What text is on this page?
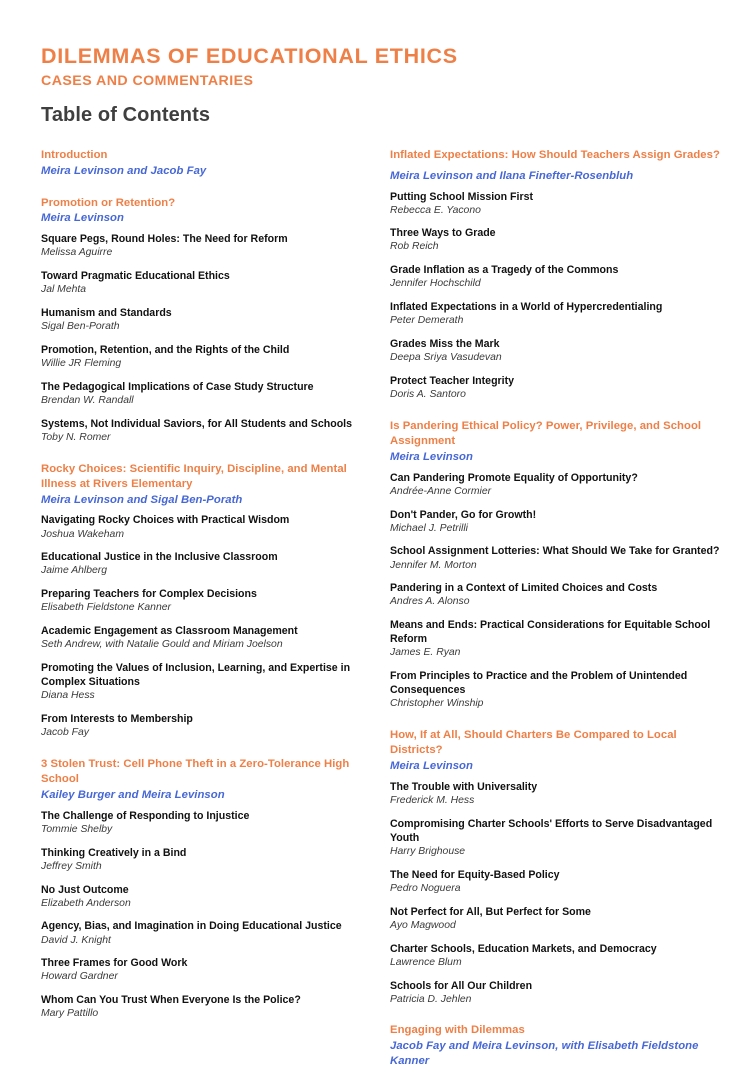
DILEMMAS OF EDUCATIONAL ETHICS
CASES AND COMMENTARIES
Table of Contents
Introduction
Meira Levinson and Jacob Fay
Promotion or Retention?
Meira Levinson
Square Pegs, Round Holes: The Need for Reform
Melissa Aguirre
Toward Pragmatic Educational Ethics
Jal Mehta
Humanism and Standards
Sigal Ben-Porath
Promotion, Retention, and the Rights of the Child
Willie JR Fleming
The Pedagogical Implications of Case Study Structure
Brendan W. Randall
Systems, Not Individual Saviors, for All Students and Schools
Toby N. Romer
Rocky Choices: Scientific Inquiry, Discipline, and Mental Illness at Rivers Elementary
Meira Levinson and Sigal Ben-Porath
Navigating Rocky Choices with Practical Wisdom
Joshua Wakeham
Educational Justice in the Inclusive Classroom
Jaime Ahlberg
Preparing Teachers for Complex Decisions
Elisabeth Fieldstone Kanner
Academic Engagement as Classroom Management
Seth Andrew, with Natalie Gould and Miriam Joelson
Promoting the Values of Inclusion, Learning, and Expertise in Complex Situations
Diana Hess
From Interests to Membership
Jacob Fay
3 Stolen Trust: Cell Phone Theft in a Zero-Tolerance High School
Kailey Burger and Meira Levinson
The Challenge of Responding to Injustice
Tommie Shelby
Thinking Creatively in a Bind
Jeffrey Smith
No Just Outcome
Elizabeth Anderson
Agency, Bias, and Imagination in Doing Educational Justice
David J. Knight
Three Frames for Good Work
Howard Gardner
Whom Can You Trust When Everyone Is the Police?
Mary Pattillo
Inflated Expectations: How Should Teachers Assign Grades?
Meira Levinson and Ilana Finefter-Rosenbluh
Putting School Mission First
Rebecca E. Yacono
Three Ways to Grade
Rob Reich
Grade Inflation as a Tragedy of the Commons
Jennifer Hochschild
Inflated Expectations in a World of Hypercredentialing
Peter Demerath
Grades Miss the Mark
Deepa Sriya Vasudevan
Protect Teacher Integrity
Doris A. Santoro
Is Pandering Ethical Policy? Power, Privilege, and School Assignment
Meira Levinson
Can Pandering Promote Equality of Opportunity?
Andrée-Anne Cormier
Don't Pander, Go for Growth!
Michael J. Petrilli
School Assignment Lotteries: What Should We Take for Granted?
Jennifer M. Morton
Pandering in a Context of Limited Choices and Costs
Andres A. Alonso
Means and Ends: Practical Considerations for Equitable School Reform
James E. Ryan
From Principles to Practice and the Problem of Unintended Consequences
Christopher Winship
How, If at All, Should Charters Be Compared to Local Districts?
Meira Levinson
The Trouble with Universality
Frederick M. Hess
Compromising Charter Schools' Efforts to Serve Disadvantaged Youth
Harry Brighouse
The Need for Equity-Based Policy
Pedro Noguera
Not Perfect for All, But Perfect for Some
Ayo Magwood
Charter Schools, Education Markets, and Democracy
Lawrence Blum
Schools for All Our Children
Patricia D. Jehlen
Engaging with Dilemmas
Jacob Fay and Meira Levinson, with Elisabeth Fieldstone Kanner
